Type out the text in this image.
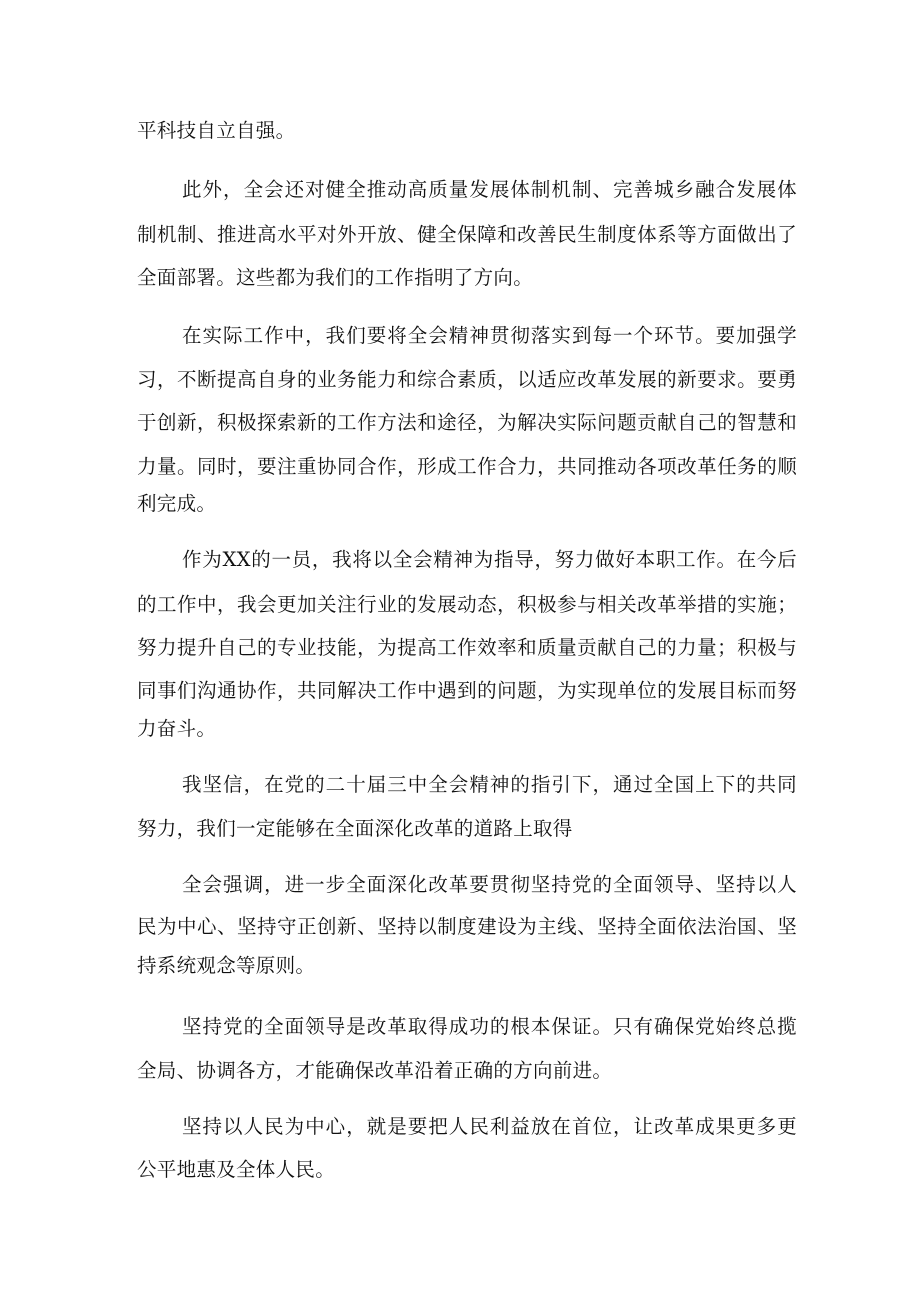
平科技自立自强。
此外，全会还对健全推动高质量发展体制机制、完善城乡融合发展体
制机制、推进高水平对外开放、健全保障和改善民生制度体系等方面做出了
全面部署。这些都为我们的工作指明了方向。
在实际工作中，我们要将全会精神贯彻落实到每一个环节。要加强学
习，不断提高自身的业务能力和综合素质，以适应改革发展的新要求。要勇
于创新，积极探索新的工作方法和途径，为解决实际问题贡献自己的智慧和
力量。同时，要注重协同合作，形成工作合力，共同推动各项改革任务的顺
利完成。
作为XX的一员，我将以全会精神为指导，努力做好本职工作。在今后
的工作中，我会更加关注行业的发展动态，积极参与相关改革举措的实施；
努力提升自己的专业技能，为提高工作效率和质量贡献自己的力量；积极与
同事们沟通协作，共同解决工作中遇到的问题，为实现单位的发展目标而努
力奋斗。
我坚信，在党的二十届三中全会精神的指引下，通过全国上下的共同
努力，我们一定能够在全面深化改革的道路上取得
全会强调，进一步全面深化改革要贯彻坚持党的全面领导、坚持以人
民为中心、坚持守正创新、坚持以制度建设为主线、坚持全面依法治国、坚
持系统观念等原则。
坚持党的全面领导是改革取得成功的根本保证。只有确保党始终总揽
全局、协调各方，才能确保改革沿着正确的方向前进。
坚持以人民为中心，就是要把人民利益放在首位，让改革成果更多更
公平地惠及全体人民。
